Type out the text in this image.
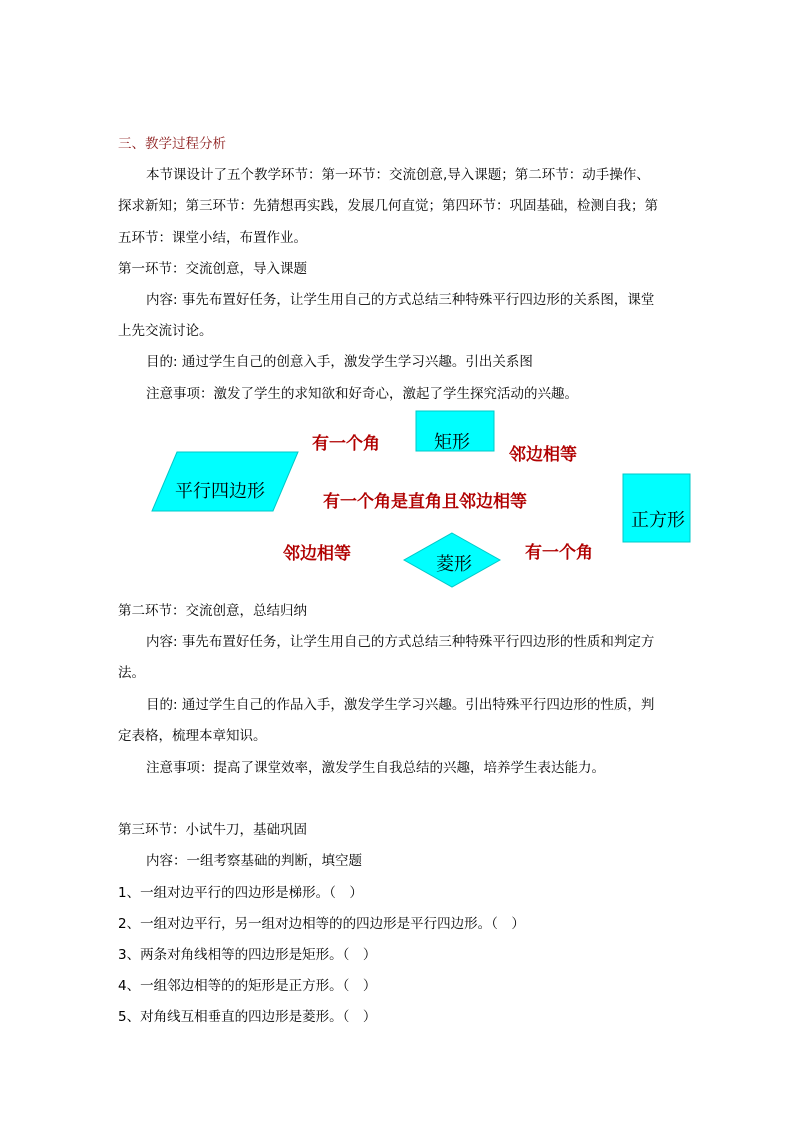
三、教学过程分析
本节课设计了五个教学环节：第一环节：交流创意,导入课题；第二环节：动手操作、
探求新知；第三环节：先猜想再实践，发展几何直觉；第四环节：巩固基础，检测自我；第
五环节：课堂小结，布置作业。
第一环节：交流创意，导入课题
内容: 事先布置好任务，让学生用自己的方式总结三种特殊平行四边形的关系图，课堂
上先交流讨论。
目的: 通过学生自己的创意入手，激发学生学习兴趣。引出关系图
注意事项：激发了学生的求知欲和好奇心，激起了学生探究活动的兴趣。
平行四边形
矩形
菱形
正方形
有一个角
邻边相等
有一个角是直角且邻边相等
邻边相等	有一个角
第二环节：交流创意，总结归纳
内容: 事先布置好任务，让学生用自己的方式总结三种特殊平行四边形的性质和判定方
法。
目的: 通过学生自己的作品入手，激发学生学习兴趣。引出特殊平行四边形的性质，判
定表格，梳理本章知识。
注意事项：提高了课堂效率，激发学生自我总结的兴趣，培养学生表达能力。
第三环节：小试牛刀，基础巩固
内容：一组考察基础的判断，填空题
1、一组对边平行的四边形是梯形。（　）
2、一组对边平行，另一组对边相等的的四边形是平行四边形。（　）
3、两条对角线相等的四边形是矩形。（　）
4、一组邻边相等的的矩形是正方形。（　）
5、对角线互相垂直的四边形是菱形。（　）
